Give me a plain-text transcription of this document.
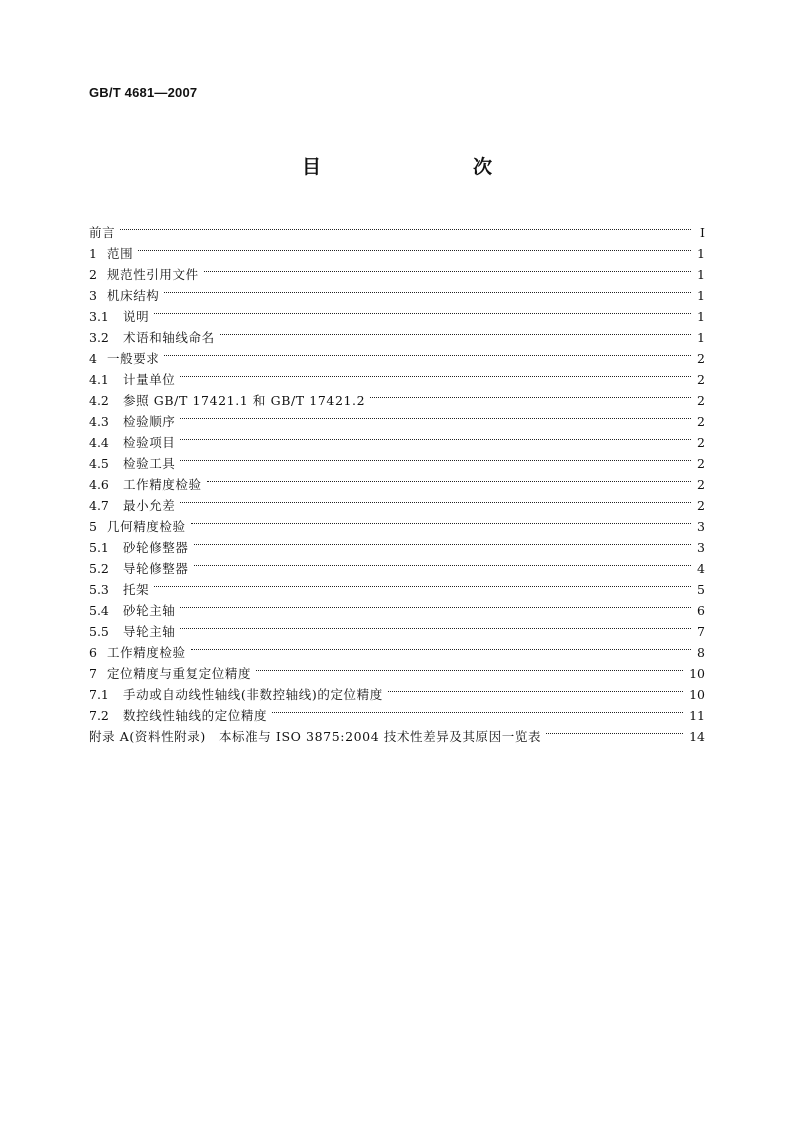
GB/T 4681—2007
目　　次
前言	I
1 范围	1
2 规范性引用文件	1
3 机床结构	1
3.1	说明	1
3.2	术语和轴线命名	1
4 一般要求	2
4.1	计量单位	2
4.2	参照 GB/T 17421.1 和 GB/T 17421.2	2
4.3	检验顺序	2
4.4	检验项目	2
4.5	检验工具	2
4.6	工作精度检验	2
4.7	最小允差	2
5 几何精度检验	3
5.1	砂轮修整器	3
5.2	导轮修整器	4
5.3	托架	5
5.4	砂轮主轴	6
5.5	导轮主轴	7
6 工作精度检验	8
7 定位精度与重复定位精度	10
7.1	手动或自动线性轴线(非数控轴线)的定位精度	10
7.2	数控线性轴线的定位精度	11
附录 A(资料性附录)　本标准与 ISO 3875:2004 技术性差异及其原因一览表	14
